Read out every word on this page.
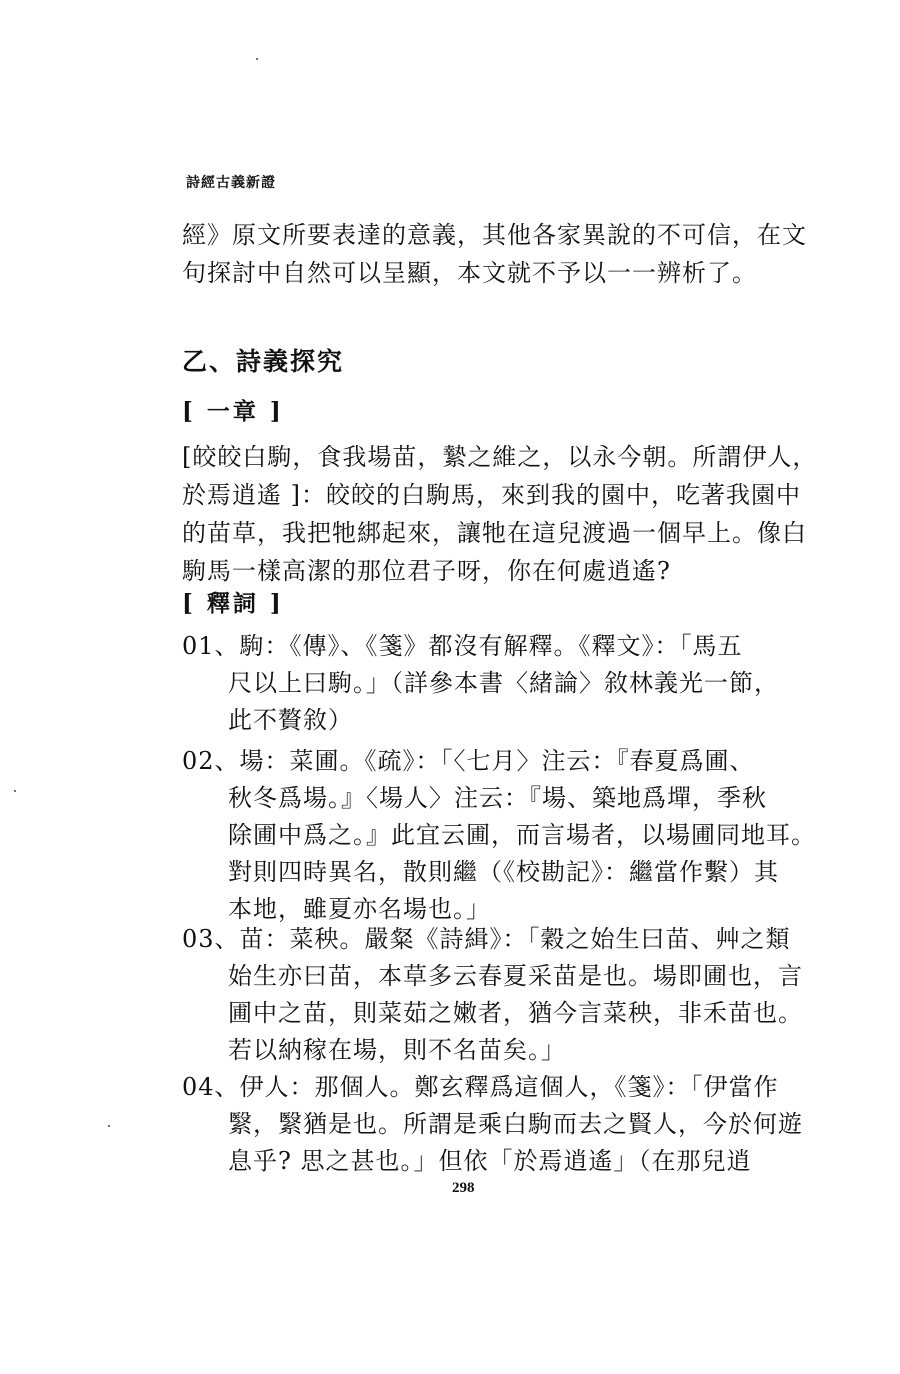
詩經古義新證
經》原文所要表達的意義，其他各家異說的不可信，在文
句探討中自然可以呈顯，本文就不予以一一辨析了。
乙、詩義探究
[ 一章 ]
[皎皎白駒，食我場苗，縶之維之，以永今朝。所謂伊人，
於焉逍遙 ]：皎皎的白駒馬，來到我的園中，吃著我園中
的苗草，我把牠綁起來，讓牠在這兒渡過一個早上。像白
駒馬一樣高潔的那位君子呀，你在何處逍遙?
[ 釋詞 ]
01、駒：《傳》、《箋》都沒有解釋。《釋文》：「馬五
尺以上曰駒。」（詳參本書〈緒論〉敘林義光一節，
此不贅敘）
02、場：菜圃。《疏》：「〈七月〉注云：『春夏爲圃、
秋冬爲場。』〈場人〉注云：『場、築地爲墠，季秋
除圃中爲之。』此宜云圃，而言場者，以場圃同地耳。
對則四時異名，散則繼（《校勘記》：繼當作繫）其
本地，雖夏亦名場也。」
03、苗：菜秧。嚴粲《詩緝》：「穀之始生曰苗、艸之類
始生亦曰苗，本草多云春夏采苗是也。場即圃也，言
圃中之苗，則菜茹之嫩者，猶今言菜秧，非禾苗也。
若以納稼在場，則不名苗矣。」
04、伊人：那個人。鄭玄釋爲這個人，《箋》：「伊當作
繄，繄猶是也。所謂是乘白駒而去之賢人，今於何遊
息乎? 思之甚也。」但依「於焉逍遙」（在那兒逍
298
